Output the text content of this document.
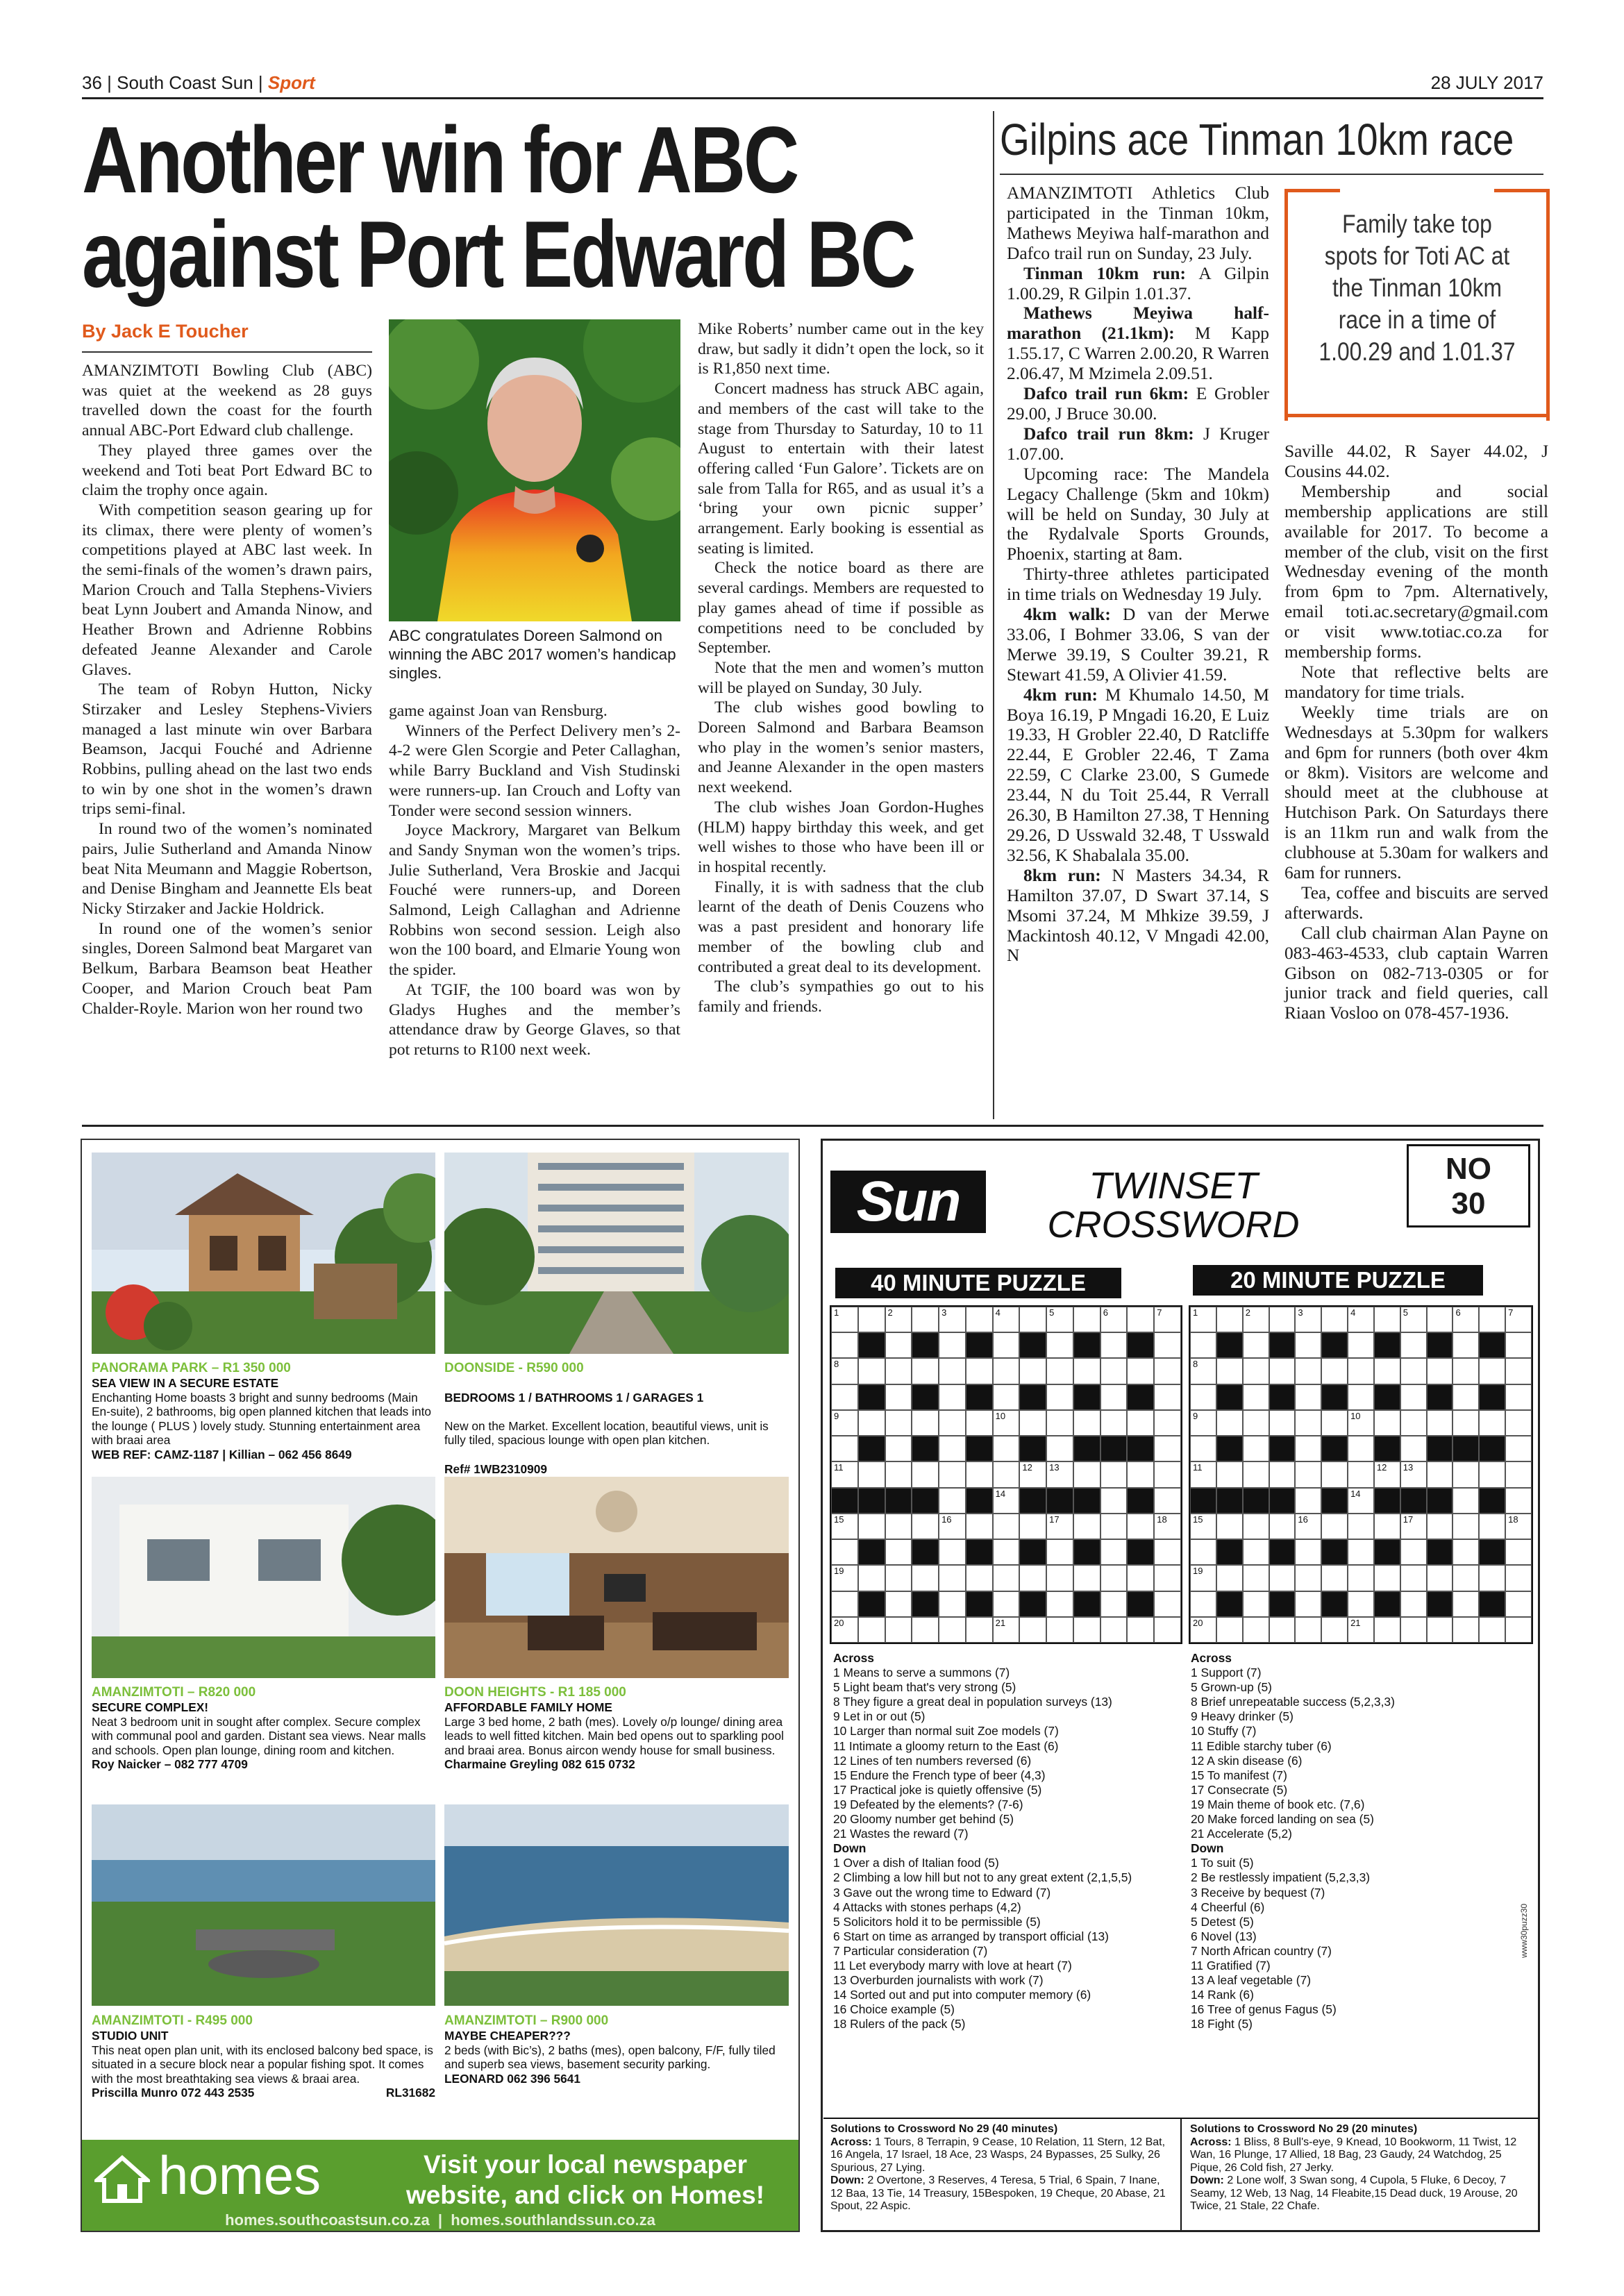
36 | South Coast Sun | Sport	28 JULY 2017
Another win for ABC
against Port Edward BC
By Jack E Toucher

AMANZIMTOTI Bowling Club (ABC) was quiet at the weekend as 28 guys travelled down the coast for the fourth annual ABC-Port Edward club challenge.

They played three games over the weekend and Toti beat Port Edward BC to claim the trophy once again.

With competition season gearing up for its climax, there were plenty of women’s competitions played at ABC last week. In the semi-finals of the women’s drawn pairs, Marion Crouch and Talla Stephens-Viviers beat Lynn Joubert and Amanda Ninow, and Heather Brown and Adrienne Robbins defeated Jeanne Alexander and Carole Glaves.

The team of Robyn Hutton, Nicky Stirzaker and Lesley Stephens-Viviers managed a last minute win over Barbara Beamson, Jacqui Fouché and Adrienne Robbins, pulling ahead on the last two ends to win by one shot in the women’s drawn trips semi-final.

In round two of the women’s nominated pairs, Julie Sutherland and Amanda Ninow beat Nita Meumann and Maggie Robertson, and Denise Bingham and Jeannette Els beat Nicky Stirzaker and Jackie Holdrick.

In round one of the women’s senior singles, Doreen Salmond beat Margaret van Belkum, Barbara Beamson beat Heather Cooper, and Marion Crouch beat Pam Chalder-Royle. Marion won her round two

ABC congratulates Doreen Salmond on winning the ABC 2017 women’s handicap singles.

game against Joan van Rensburg.

Winners of the Perfect Delivery men’s 2-4-2 were Glen Scorgie and Peter Callaghan, while Barry Buckland and Vish Studinski were runners-up. Ian Crouch and Lofty van Tonder were second session winners.

Joyce Mackrory, Margaret van Belkum and Sandy Snyman won the women’s trips. Julie Sutherland, Vera Broskie and Jacqui Fouché were runners-up, and Doreen Salmond, Leigh Callaghan and Adrienne Robbins won second session. Leigh also won the 100 board, and Elmarie Young won the spider.

At TGIF, the 100 board was won by Gladys Hughes and the member’s attendance draw by George Glaves, so that pot returns to R100 next week.

Mike Roberts’ number came out in the key draw, but sadly it didn’t open the lock, so it is R1,850 next time.

Concert madness has struck ABC again, and members of the cast will take to the stage from Thursday to Saturday, 10 to 11 August to entertain with their latest offering called ‘Fun Galore’. Tickets are on sale from Talla for R65, and as usual it’s a ‘bring your own picnic supper’ arrangement. Early booking is essential as seating is limited.

Check the notice board as there are several cardings. Members are requested to play games ahead of time if possible as competitions need to be concluded by September.

Note that the men and women’s mutton will be played on Sunday, 30 July.

The club wishes good bowling to Doreen Salmond and Barbara Beamson who play in the women’s senior masters, and Jeanne Alexander in the open masters next weekend.

The club wishes Joan Gordon-Hughes (HLM) happy birthday this week, and get well wishes to those who have been ill or in hospital recently.

Finally, it is with sadness that the club learnt of the death of Denis Couzens who was a past president and honorary life member of the bowling club and contributed a great deal to its development.

The club’s sympathies go out to his family and friends.

Gilpins ace Tinman 10km race

AMANZIMTOTI Athletics Club participated in the Tinman 10km, Mathews Meyiwa half-marathon and Dafco trail run on Sunday, 23 July.

Tinman 10km run: A Gilpin 1.00.29, R Gilpin 1.01.37.

Mathews Meyiwa half-marathon (21.1km): M Kapp 1.55.17, C Warren 2.00.20, R Warren 2.06.47, M Mzimela 2.09.51.

Dafco trail run 6km: E Grobler 29.00, J Bruce 30.00.

Dafco trail run 8km: J Kruger 1.07.00.

Upcoming race: The Mandela Legacy Challenge (5km and 10km) will be held on Sunday, 30 July at the Rydalvale Sports Grounds, Phoenix, starting at 8am.

Thirty-three athletes participated in time trials on Wednesday 19 July.

4km walk: D van der Merwe 33.06, I Bohmer 33.06, S van der Merwe 39.19, S Coulter 39.21, R Stewart 41.59, A Olivier 41.59.

4km run: M Khumalo 14.50, M Boya 16.19, P Mngadi 16.20, E Luiz 19.33, H Grobler 22.40, D Ratcliffe 22.44, E Grobler 22.46, T Zama 22.59, C Clarke 23.00, S Gumede 23.44, N du Toit 25.44, R Verrall 26.30, B Hamilton 27.38, T Henning 29.26, D Usswald 32.48, T Usswald 32.56, K Shabalala 35.00.

8km run: N Masters 34.34, R Hamilton 37.07, D Swart 37.14, S Msomi 37.24, M Mhkize 39.59, J Mackintosh 40.12, V Mngadi 42.00, N

Family take top spots for Toti AC at the Tinman 10km race in a time of 1.00.29 and 1.01.37

Saville 44.02, R Sayer 44.02, J Cousins 44.02.

Membership and social membership applications are still available for 2017. To become a member of the club, visit on the first Wednesday evening of the month from 6pm to 7pm. Alternatively, email toti.ac.secretary@gmail.com or visit www.totiac.co.za for membership forms.

Note that reflective belts are mandatory for time trials.

Weekly time trials are on Wednesdays at 5.30pm for walkers and 6pm for runners (both over 4km or 8km). Visitors are welcome and should meet at the clubhouse at Hutchison Park. On Saturdays there is an 11km run and walk from the clubhouse at 5.30am for walkers and 6am for runners.

Tea, coffee and biscuits are served afterwards.

Call club chairman Alan Payne on 083-463-4533, club captain Warren Gibson on 082-713-0305 or for junior track and field queries, call Riaan Vosloo on 078-457-1936.

PANORAMA PARK – R1 350 000
SEA VIEW IN A SECURE ESTATE
Enchanting Home boasts 3 bright and sunny bedrooms (Main En-suite), 2 bathrooms, big open planned kitchen that leads into the lounge ( PLUS ) lovely study. Stunning entertainment area with braai area
WEB REF: CAMZ-1187 | Killian – 062 456 8649
DOONSIDE - R590 000

BEDROOMS 1 / BATHROOMS 1 / GARAGES 1

New on the Market. Excellent location, beautiful views, unit is fully tiled, spacious lounge with open plan kitchen.

Ref# 1WB2310909

AMANZIMTOTI – R820 000
SECURE COMPLEX!
Neat 3 bedroom unit in sought after complex. Secure complex with communal pool and garden. Distant sea views. Near malls and schools. Open plan lounge, dining room and kitchen.
Roy Naicker – 082 777 4709
DOON HEIGHTS - R1 185 000
AFFORDABLE FAMILY HOME
Large 3 bed home, 2 bath (mes). Lovely o/p lounge/ dining area leads to well fitted kitchen. Main bed opens out to sparkling pool and braai area. Bonus aircon wendy house for small business.
Charmaine Greyling 082 615 0732
AMANZIMTOTI - R495 000
STUDIO UNIT
This neat open plan unit, with its enclosed balcony bed space, is situated in a secure block near a popular fishing spot. It comes with the most breathtaking sea views & braai area.
Priscilla Munro 072 443 2535	RL31682
AMANZIMTOTI – R900 000
MAYBE CHEAPER???
2 beds (with Bic’s), 2 baths (mes), open balcony, F/F, fully tiled and superb sea views, basement security parking.
LEONARD 062 396 5641
homes	Visit your local newspaper
website, and click on Homes!
homes.southcoastsun.co.za  |  homes.southlandssun.co.za
Sun	TWINSET
CROSSWORD
NO
30
40 MINUTE PUZZLE	20 MINUTE PUZZLE
1	2	3	4	5	6	7
8
9	10
11	12	13
14
15	16	17	18
19
20	21
1	2	3	4	5	6	7
8
9	10
11	12	13
14
15	16	17	18
19
20	21
Across
1 Means to serve a summons (7)
5 Light beam that's very strong (5)
8 They figure a great deal in population surveys (13)
9 Let in or out (5)
10 Larger than normal suit Zoe models (7)
11 Intimate a gloomy return to the East (6)
12 Lines of ten numbers reversed (6)
15 Endure the French type of beer (4,3)
17 Practical joke is quietly offensive (5)
19 Defeated by the elements? (7-6)
20 Gloomy number get behind (5)
21 Wastes the reward (7)
Down
1 Over a dish of Italian food (5)
2 Climbing a low hill but not to any great extent (2,1,5,5)
3 Gave out the wrong time to Edward (7)
4 Attacks with stones perhaps (4,2)
5 Solicitors hold it to be permissible (5)
6 Start on time as arranged by transport official (13)
7 Particular consideration (7)
11 Let everybody marry with love at heart (7)
13 Overburden journalists with work (7)
14 Sorted out and put into computer memory (6)
16 Choice example (5)
18 Rulers of the pack (5)
Across
1 Support (7)
5 Grown-up (5)
8 Brief unrepeatable success (5,2,3,3)
9 Heavy drinker (5)
10 Stuffy (7)
11 Edible starchy tuber (6)
12 A skin disease (6)
15 To manifest (7)
17 Consecrate (5)
19 Main theme of book etc. (7,6)
20 Make forced landing on sea (5)
21 Accelerate (5,2)
Down
1 To suit (5)
2 Be restlessly impatient (5,2,3,3)
3 Receive by bequest (7)
4 Cheerful (6)
5 Detest (5)
6 Novel (13)
7 North African country (7)
11 Gratified (7)
13 A leaf vegetable (7)
14 Rank (6)
16 Tree of genus Fagus (5)
18 Fight (5)
www30puzz30
Solutions to Crossword No 29 (40 minutes)
Across: 1 Tours, 8 Terrapin, 9 Cease, 10 Relation, 11 Stern, 12 Bat, 16 Angela, 17 Israel, 18 Ace, 23 Wasps, 24 Bypasses, 25 Sulky, 26 Spurious, 27 Lying.
Down: 2 Overtone, 3 Reserves, 4 Teresa, 5 Trial, 6 Spain, 7 Inane, 12 Baa, 13 Tie, 14 Treasury, 15Bespoken, 19 Cheque, 20 Abase, 21 Spout, 22 Aspic.
Solutions to Crossword No 29 (20 minutes)
Across: 1 Bliss, 8 Bull's-eye, 9 Knead, 10 Bookworm, 11 Twist, 12 Wan, 16 Plunge, 17 Allied, 18 Bag, 23 Gaudy, 24 Watchdog, 25 Pique, 26 Cold fish, 27 Jerky.
Down: 2 Lone wolf, 3 Swan song, 4 Cupola, 5 Fluke, 6 Decoy, 7 Seamy, 12 Web, 13 Nag, 14 Fleabite,15 Dead duck, 19 Arouse, 20 Twice, 21 Stale, 22 Chafe.
